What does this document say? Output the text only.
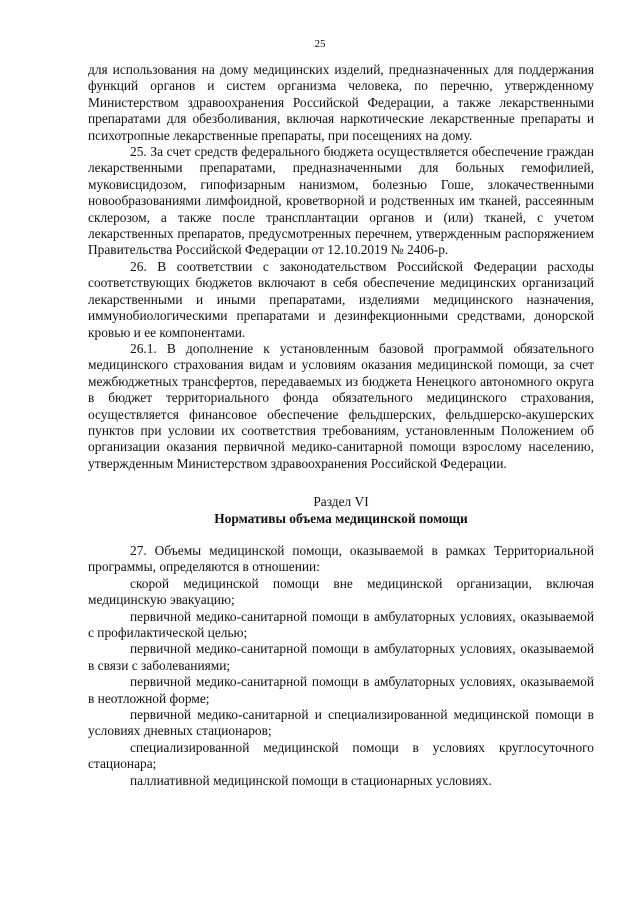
25

для использования на дому медицинских изделий, предназначенных для поддержания функций органов и систем организма человека, по перечню, утвержденному Министерством здравоохранения Российской Федерации, а также лекарственными препаратами для обезболивания, включая наркотические лекарственные препараты и психотропные лекарственные препараты, при посещениях на дому.

25. За счет средств федерального бюджета осуществляется обеспечение граждан лекарственными препаратами, предназначенными для больных гемофилией, муковисцидозом, гипофизарным нанизмом, болезнью Гоше, злокачественными новообразованиями лимфоидной, кроветворной и родственных им тканей, рассеянным склерозом, а также после трансплантации органов и (или) тканей, с учетом лекарственных препаратов, предусмотренных перечнем, утвержденным распоряжением Правительства Российской Федерации от 12.10.2019 № 2406-р.

26. В соответствии с законодательством Российской Федерации расходы соответствующих бюджетов включают в себя обеспечение медицинских организаций лекарственными и иными препаратами, изделиями медицинского назначения, иммунобиологическими препаратами и дезинфекционными средствами, донорской кровью и ее компонентами.

26.1. В дополнение к установленным базовой программой обязательного медицинского страхования видам и условиям оказания медицинской помощи, за счет межбюджетных трансфертов, передаваемых из бюджета Ненецкого автономного округа в бюджет территориального фонда обязательного медицинского страхования, осуществляется финансовое обеспечение фельдшерских, фельдшерско-акушерских пунктов при условии их соответствия требованиям, установленным Положением об организации оказания первичной медико-санитарной помощи взрослому населению, утвержденным Министерством здравоохранения Российской Федерации.

Раздел VI
Нормативы объема медицинской помощи

27. Объемы медицинской помощи, оказываемой в рамках Территориальной программы, определяются в отношении:

скорой медицинской помощи вне медицинской организации, включая медицинскую эвакуацию;

первичной медико-санитарной помощи в амбулаторных условиях, оказываемой с профилактической целью;

первичной медико-санитарной помощи в амбулаторных условиях, оказываемой в связи с заболеваниями;

первичной медико-санитарной помощи в амбулаторных условиях, оказываемой в неотложной форме;

первичной медико-санитарной и специализированной медицинской помощи в условиях дневных стационаров;

специализированной медицинской помощи в условиях круглосуточного стационара;

паллиативной медицинской помощи в стационарных условиях.
